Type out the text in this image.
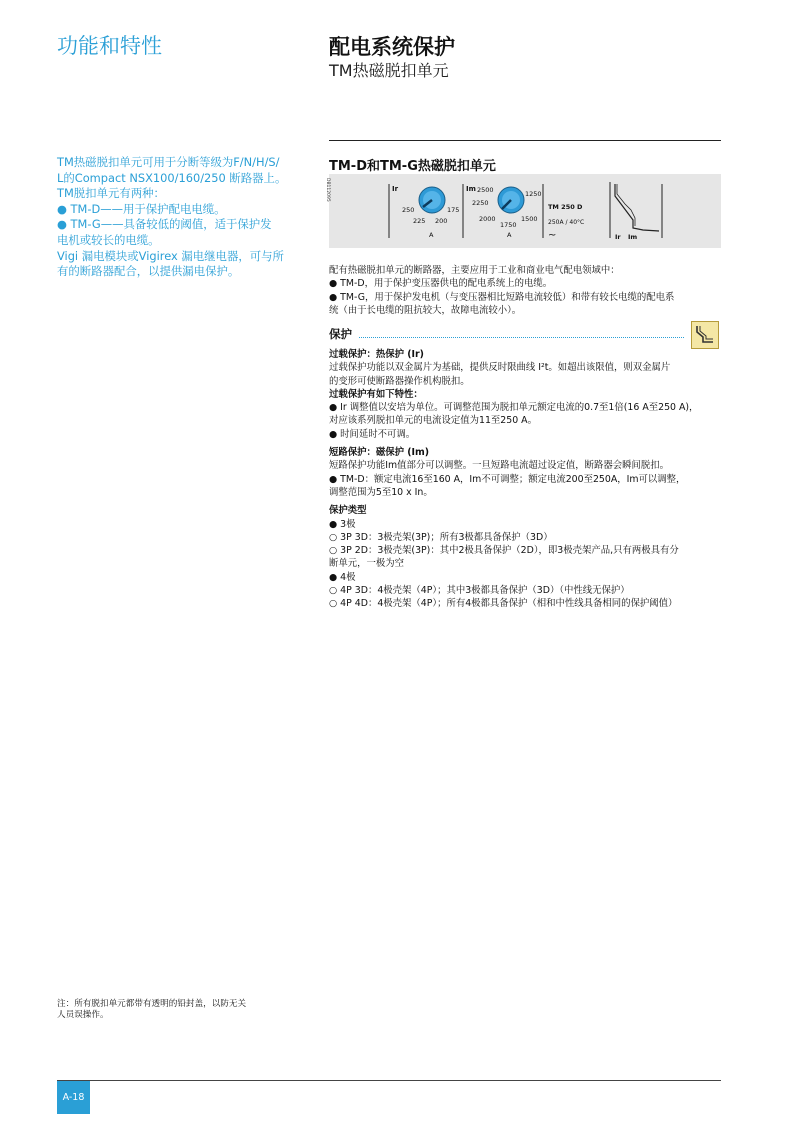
功能和特性	配电系统保护
TM热磁脱扣单元

TM热磁脱扣单元可用于分断等级为F/N/H/S/

L的Compact NSX100/160/250 断路器上。

TM脱扣单元有两种：

● TM-D——用于保护配电电缆。

● TM-G——具备较低的阈值，适于保护发

电机或较长的电缆。

Vigi 漏电模块或Vigirex 漏电继电器，可与所

有的断路器配合，以提供漏电保护。

TM-D和TM-G热磁脱扣单元
DB112095	Ir
250	175
225 200
A
Im 2500	1250
2250
2000	1500
1750
A
TM 250 D
250A / 40°C
~	Ir Im

配有热磁脱扣单元的断路器，主要应用于工业和商业电气配电领域中：

● TM-D，用于保护变压器供电的配电系统上的电缆。

● TM-G，用于保护发电机（与变压器相比短路电流较低）和带有较长电缆的配电系

统（由于长电缆的阻抗较大，故障电流较小）。

保护

过载保护：热保护 (Ir)

过载保护功能以双金属片为基础，提供反时限曲线 I²t。如超出该限值，则双金属片

的变形可使断路器操作机构脱扣。

过载保护有如下特性：

● Ir 调整值以安培为单位。可调整范围为脱扣单元额定电流的0.7至1倍(16 A至250 A)，

对应该系列脱扣单元的电流设定值为11至250 A。

● 时间延时不可调。

短路保护：磁保护 (Im)

短路保护功能Im值部分可以调整。一旦短路电流超过设定值，断路器会瞬间脱扣。

● TM-D：额定电流16至160 A，Im不可调整；额定电流200至250A，Im可以调整，

调整范围为5至10 x In。

保护类型

● 3极

○ 3P 3D：3极壳架(3P)；所有3极都具备保护（3D）

○ 3P 2D：3极壳架(3P)：其中2极具备保护（2D），即3极壳架产品,只有两极具有分

断单元，一极为空

● 4极

○ 4P 3D：4极壳架（4P）；其中3极都具备保护（3D）（中性线无保护）

○ 4P 4D：4极壳架（4P）；所有4极都具备保护（相和中性线具备相同的保护阈值）

注：所有脱扣单元都带有透明的铅封盖，以防无关
人员误操作。
A-18
